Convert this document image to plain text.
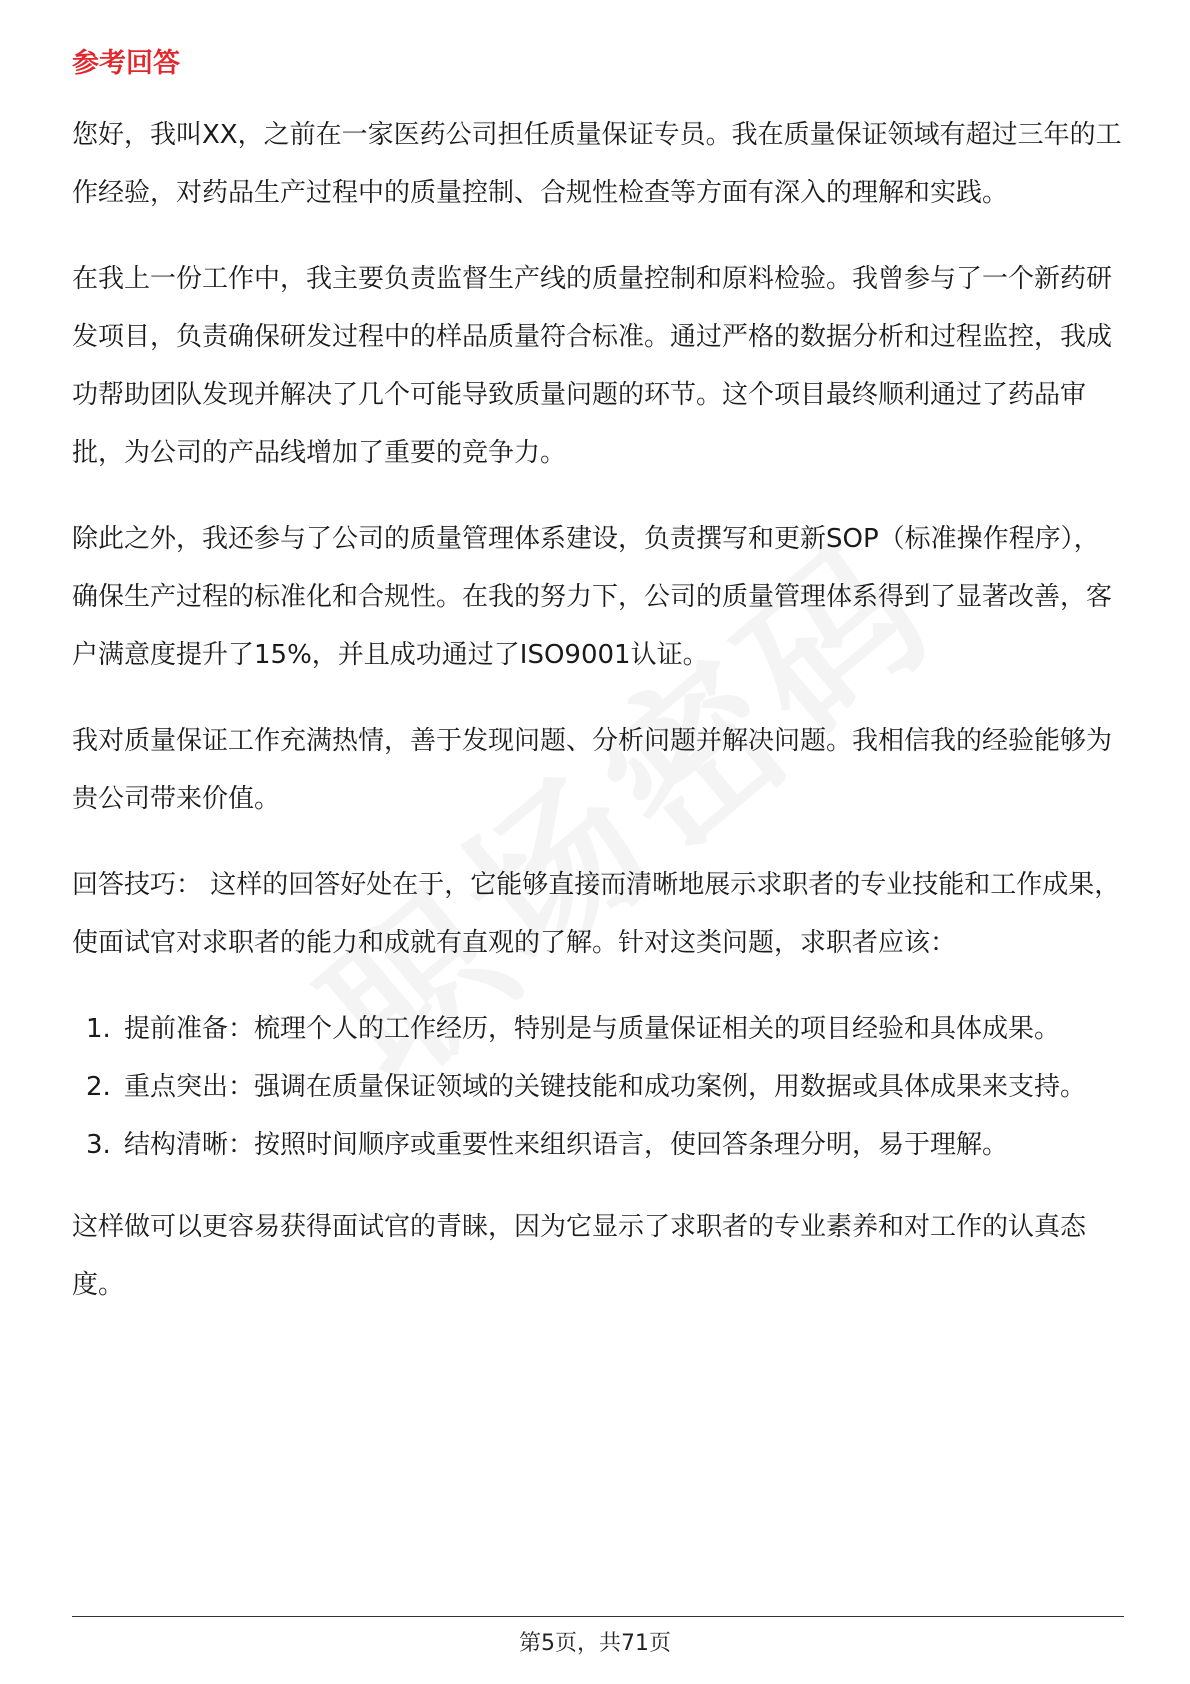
参考回答

您好，我叫XX，之前在一家医药公司担任质量保证专员。我在质量保证领域有超过三年的工作经验，对药品生产过程中的质量控制、合规性检查等方面有深入的理解和实践。

在我上一份工作中，我主要负责监督生产线的质量控制和原料检验。我曾参与了一个新药研发项目，负责确保研发过程中的样品质量符合标准。通过严格的数据分析和过程监控，我成功帮助团队发现并解决了几个可能导致质量问题的环节。这个项目最终顺利通过了药品审批，为公司的产品线增加了重要的竞争力。

除此之外，我还参与了公司的质量管理体系建设，负责撰写和更新SOP（标准操作程序），确保生产过程的标准化和合规性。在我的努力下，公司的质量管理体系得到了显著改善，客户满意度提升了15%，并且成功通过了ISO9001认证。

我对质量保证工作充满热情，善于发现问题、分析问题并解决问题。我相信我的经验能够为贵公司带来价值。

回答技巧： 这样的回答好处在于，它能够直接而清晰地展示求职者的专业技能和工作成果，使面试官对求职者的能力和成就有直观的了解。针对这类问题，求职者应该：

1. 提前准备：梳理个人的工作经历，特别是与质量保证相关的项目经验和具体成果。
2. 重点突出：强调在质量保证领域的关键技能和成功案例，用数据或具体成果来支持。
3. 结构清晰：按照时间顺序或重要性来组织语言，使回答条理分明，易于理解。

这样做可以更容易获得面试官的青睐，因为它显示了求职者的专业素养和对工作的认真态度。

第5页，共71页
